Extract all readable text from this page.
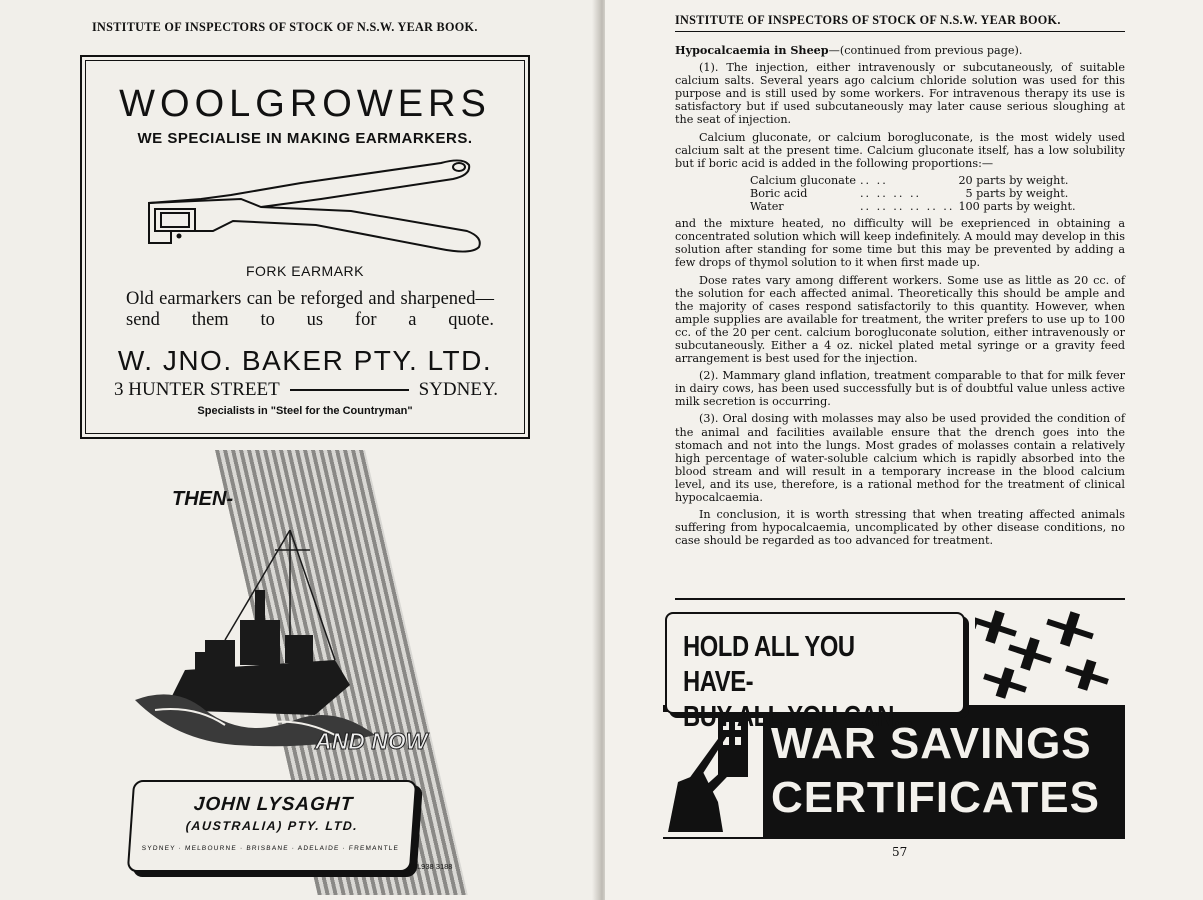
INSTITUTE OF INSPECTORS OF STOCK OF N.S.W. YEAR BOOK.
WOOLGROWERS
WE SPECIALISE IN MAKING EARMARKERS.
FORK EARMARK
Old earmarkers can be reforged and sharpened—send them to us for a quote.
W. JNO. BAKER PTY. LTD.
3 HUNTER STREET	SYDNEY.
Specialists in "Steel for the Countryman"
THEN-
AND NOW
JOHN LYSAGHT
(AUSTRALIA) PTY. LTD.
SYDNEY · MELBOURNE · BRISBANE · ADELAIDE · FREMANTLE
L938 3188
INSTITUTE OF INSPECTORS OF STOCK OF N.S.W. YEAR BOOK.

Hypocalcaemia in Sheep—(continued from previous page).

(1). The injection, either intravenously or subcutaneously, of suitable calcium salts. Several years ago calcium chloride solution was used for this purpose and is still used by some workers. For intravenous therapy its use is satisfactory but if used subcutaneously may later cause serious sloughing at the seat of injection.

Calcium gluconate, or calcium borogluconate, is the most widely used calcium salt at the present time. Calcium gluconate itself, has a low solubility but if boric acid is added in the following proportions:—

Calcium gluconate	.. ..	20 parts by weight.
Boric acid	.. .. .. ..	5 parts by weight.
Water	.. .. .. .. .. ..	100 parts by weight.

and the mixture heated, no difficulty will be exeprienced in obtaining a concentrated solution which will keep indefinitely. A mould may develop in this solution after standing for some time but this may be prevented by adding a few drops of thymol solution to it when first made up.

Dose rates vary among different workers. Some use as little as 20 cc. of the solution for each affected animal. Theoretically this should be ample and the majority of cases respond satisfactorily to this quantity. However, when ample supplies are available for treatment, the writer prefers to use up to 100 cc. of the 20 per cent. calcium borogluconate solution, either intravenously or subcutaneously. Either a 4 oz. nickel plated metal syringe or a gravity feed arrangement is best used for the injection.

(2). Mammary gland inflation, treatment comparable to that for milk fever in dairy cows, has been used successfully but is of doubtful value unless active milk secretion is occurring.

(3). Oral dosing with molasses may also be used provided the condition of the animal and facilities available ensure that the drench goes into the stomach and not into the lungs. Most grades of molasses contain a relatively high percentage of water-soluble calcium which is rapidly absorbed into the blood stream and will result in a temporary increase in the blood calcium level, and its use, therefore, is a rational method for the treatment of clinical hypocalcaemia.

In conclusion, it is worth stressing that when treating affected animals suffering from hypocalcaemia, uncomplicated by other disease conditions, no case should be regarded as too advanced for treatment.

HOLD ALL YOU HAVE-
BUY ALL YOU CAN...
WAR SAVINGS
CERTIFICATES
57
